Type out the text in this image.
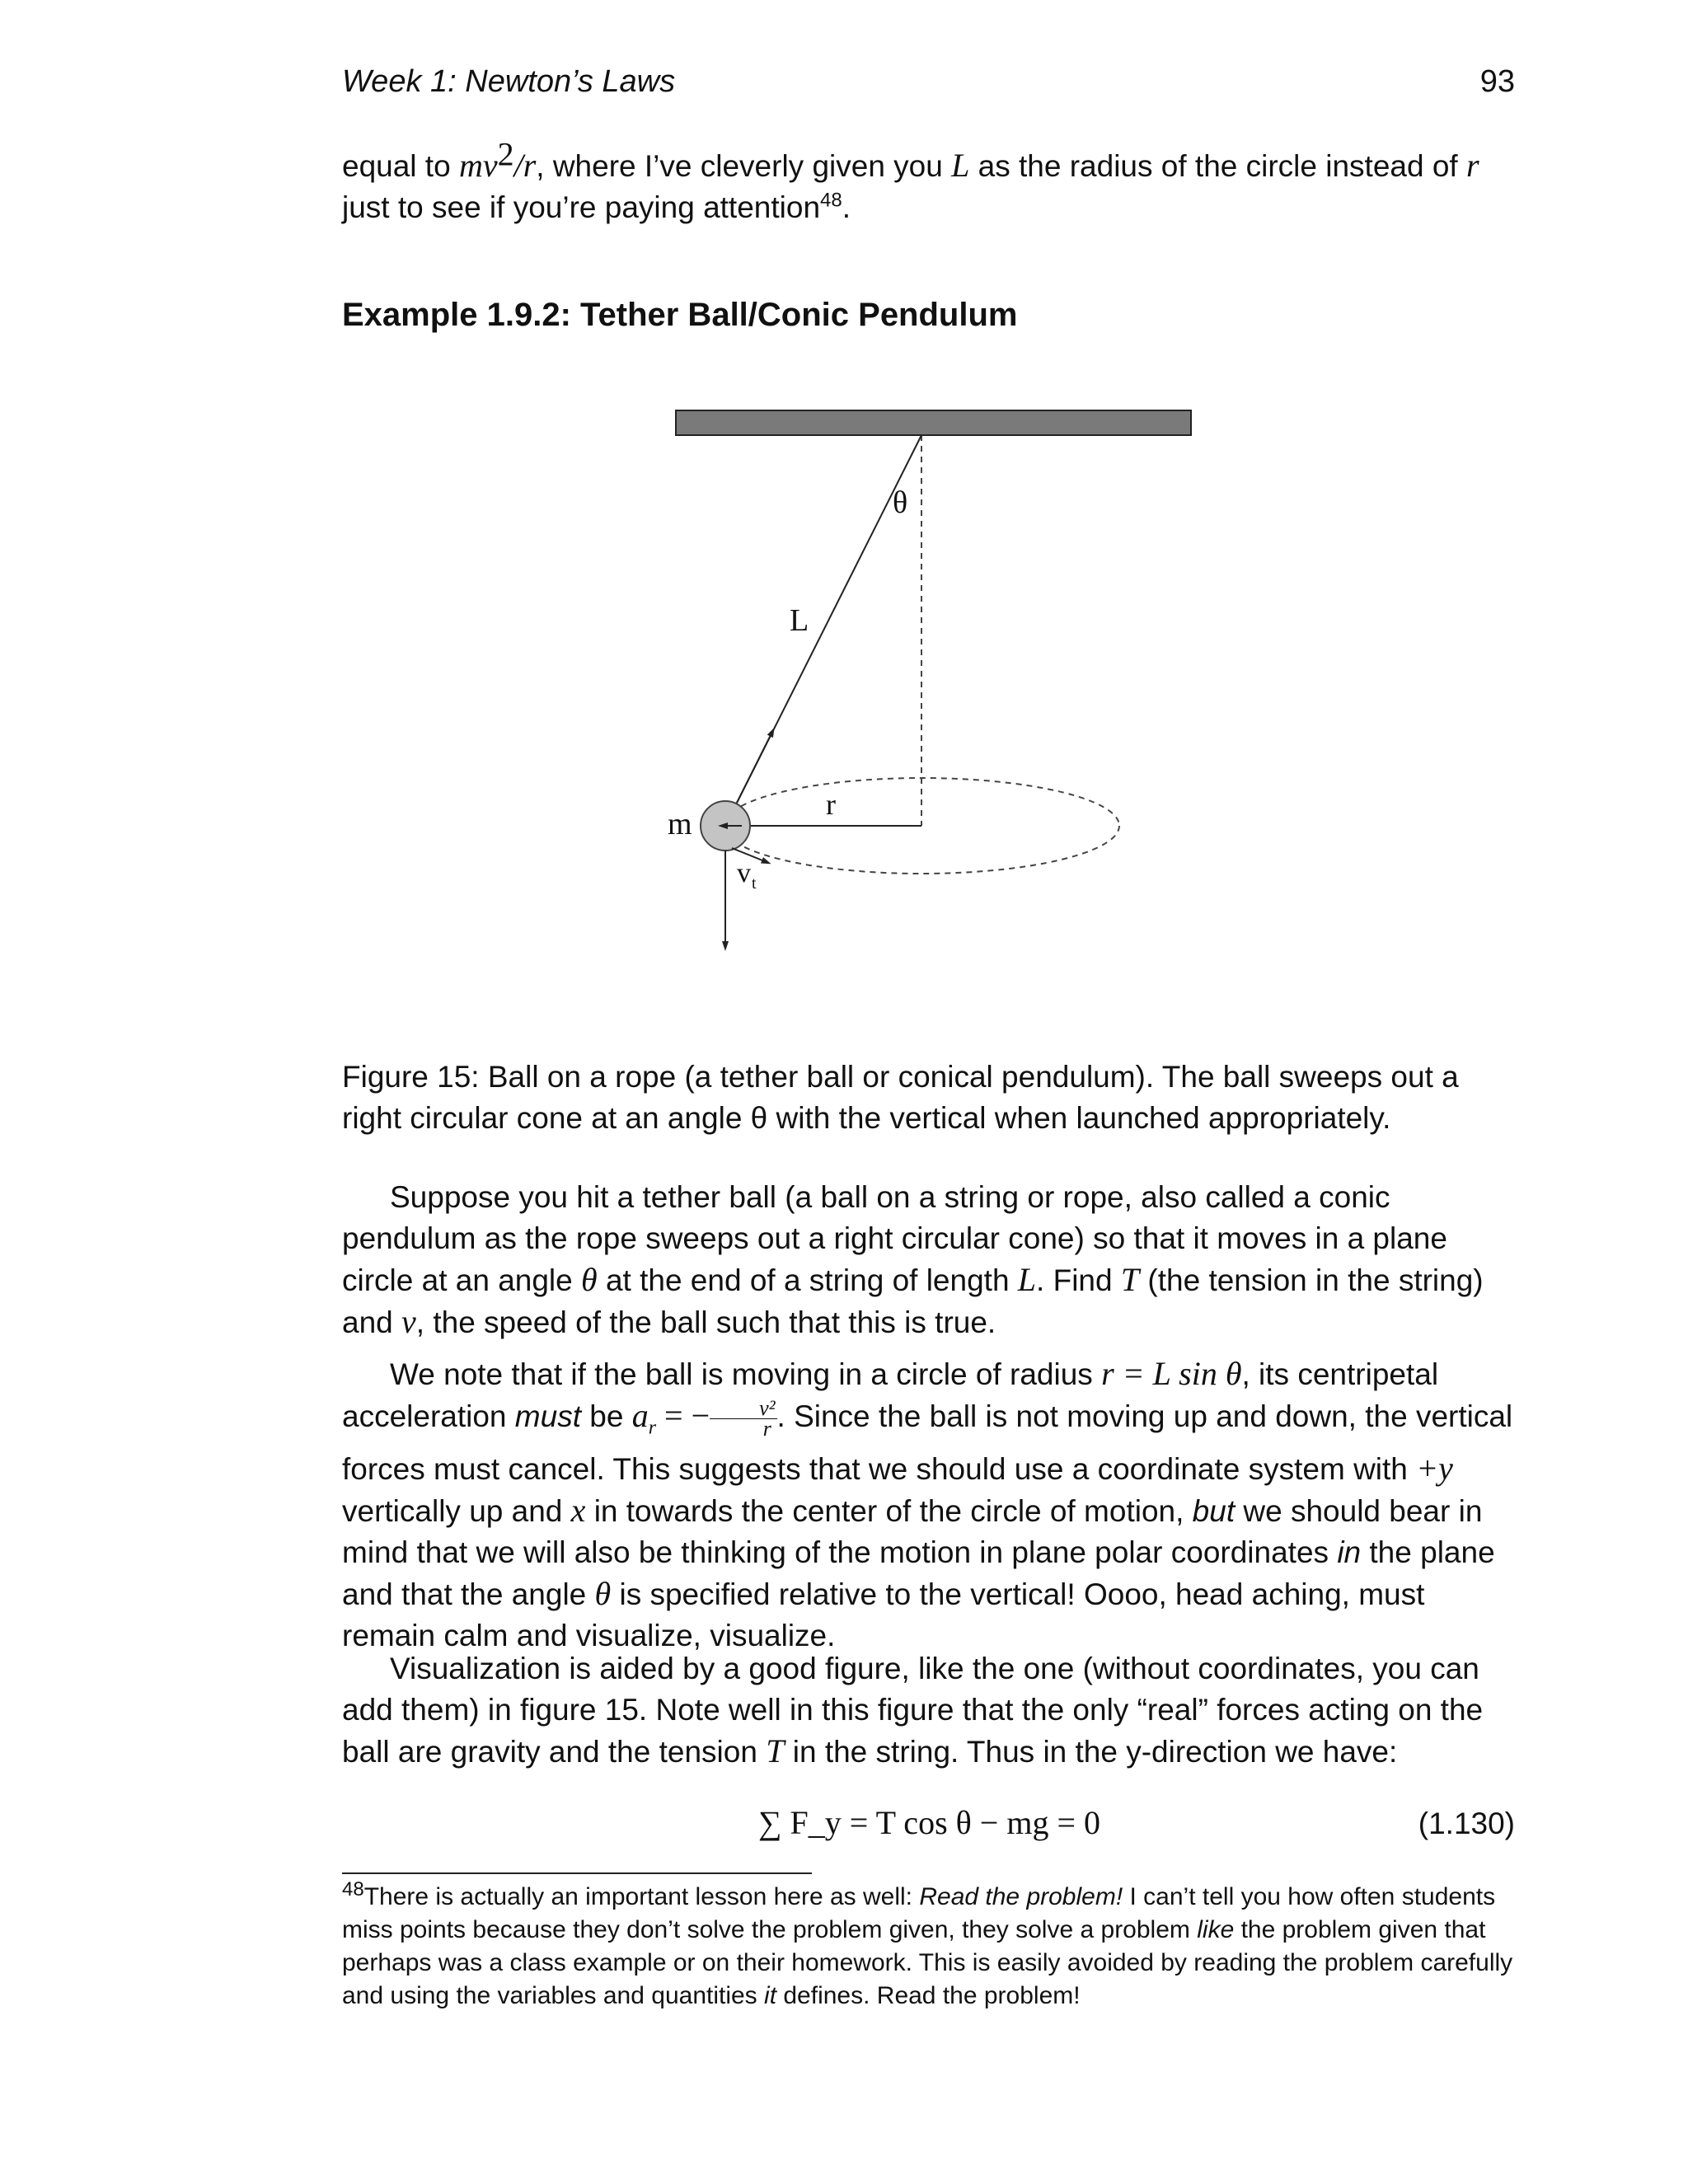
Week 1: Newton’s Laws	93
equal to $mv^2/r$, where I’ve cleverly given you L as the radius of the circle instead of r just to see if you’re paying attention$^{48}$.
Example 1.9.2: Tether Ball/Conic Pendulum
θ
L
r
m
v t
Figure 15: Ball on a rope (a tether ball or conical pendulum). The ball sweeps out a right circular cone at an angle θ with the vertical when launched appropriately.
Suppose you hit a tether ball (a ball on a string or rope, also called a conic pendulum as the rope sweeps out a right circular cone) so that it moves in a plane circle at an angle θ at the end of a string of length L. Find T (the tension in the string) and v, the speed of the ball such that this is true.
We note that if the ball is moving in a circle of radius r = L sin θ, its centripetal acceleration must be $a_r$ = − $\frac{\text{v²}}{r}$ . Since the ball is not moving up and down, the vertical forces must cancel. This suggests that we should use a coordinate system with +y vertically up and x in towards the center of the circle of motion, but we should bear in mind that we will also be thinking of the motion in plane polar coordinates in the plane and that the angle θ is specified relative to the vertical! Oooo, head aching, must remain calm and visualize, visualize.
Visualization is aided by a good figure, like the one (without coordinates, you can add them) in figure 15. Note well in this figure that the only “real” forces acting on the ball are gravity and the tension T in the string. Thus in the y-direction we have:
∑ F_y = T cos θ − mg = 0	(1.130)
$^{48}$There is actually an important lesson here as well: Read the problem! I can’t tell you how often students miss points because they don’t solve the problem given, they solve a problem like the problem given that perhaps was a class example or on their homework. This is easily avoided by reading the problem carefully and using the variables and quantities it defines. Read the problem!
